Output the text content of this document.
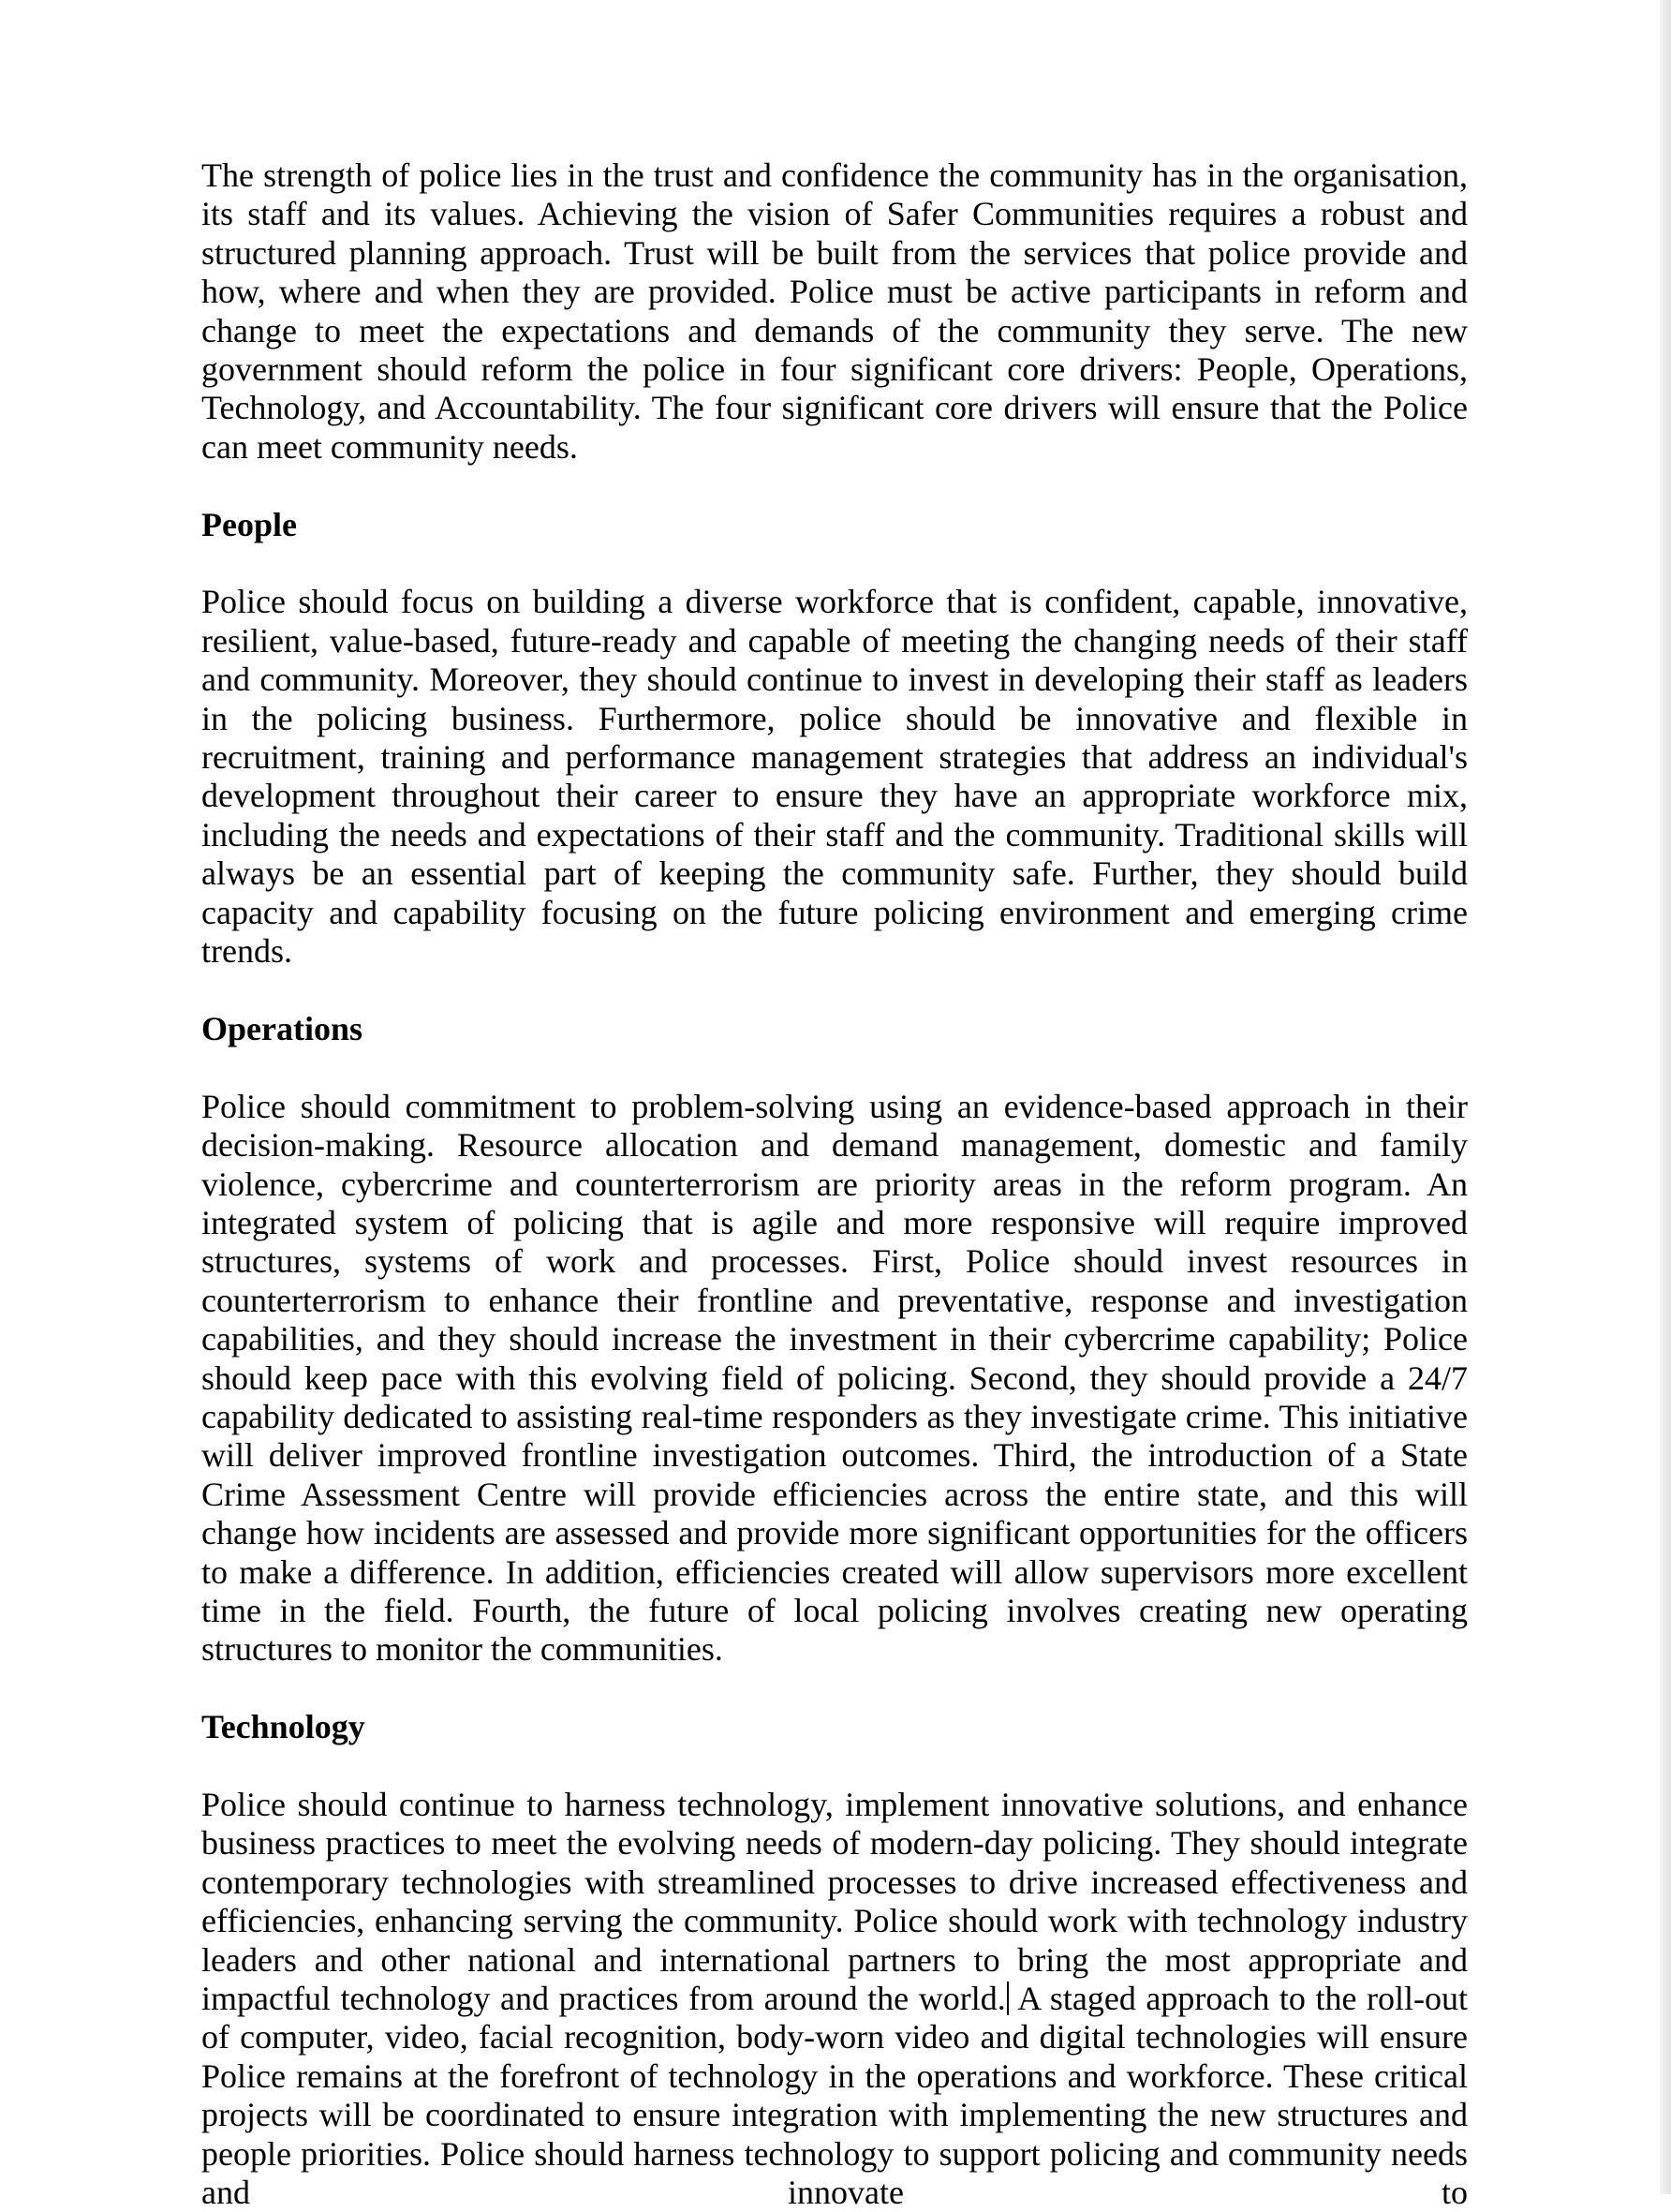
The strength of police lies in the trust and confidence the community has in the organisation, its staff and its values. Achieving the vision of Safer Communities requires a robust and structured planning approach. Trust will be built from the services that police provide and how, where and when they are provided. Police must be active participants in reform and change to meet the expectations and demands of the community they serve. The new government should reform the police in four significant core drivers: People, Operations, Technology, and Accountability. The four significant core drivers will ensure that the Police can meet community needs.

People

Police should focus on building a diverse workforce that is confident, capable, innovative, resilient, value-based, future-ready and capable of meeting the changing needs of their staff and community. Moreover, they should continue to invest in developing their staff as leaders in the policing business. Furthermore, police should be innovative and flexible in recruitment, training and performance management strategies that address an individual's development throughout their career to ensure they have an appropriate workforce mix, including the needs and expectations of their staff and the community. Traditional skills will always be an essential part of keeping the community safe. Further, they should build capacity and capability focusing on the future policing environment and emerging crime trends.

Operations

Police should commitment to problem-solving using an evidence-based approach in their decision-making. Resource allocation and demand management, domestic and family violence, cybercrime and counterterrorism are priority areas in the reform program. An integrated system of policing that is agile and more responsive will require improved structures, systems of work and processes. First, Police should invest resources in counterterrorism to enhance their frontline and preventative, response and investigation capabilities, and they should increase the investment in their cybercrime capability; Police should keep pace with this evolving field of policing. Second, they should provide a 24/7 capability dedicated to assisting real-time responders as they investigate crime. This initiative will deliver improved frontline investigation outcomes. Third, the introduction of a State Crime Assessment Centre will provide efficiencies across the entire state, and this will change how incidents are assessed and provide more significant opportunities for the officers to make a difference. In addition, efficiencies created will allow supervisors more excellent time in the field. Fourth, the future of local policing involves creating new operating structures to monitor the communities.

Technology

Police should continue to harness technology, implement innovative solutions, and enhance business practices to meet the evolving needs of modern-day policing. They should integrate contemporary technologies with streamlined processes to drive increased effectiveness and efficiencies, enhancing serving the community. Police should work with technology industry leaders and other national and international partners to bring the most appropriate and impactful technology and practices from around the world. A staged approach to the roll-out of computer, video, facial recognition, body-worn video and digital technologies will ensure Police remains at the forefront of technology in the operations and workforce. These critical projects will be coordinated to ensure integration with implementing the new structures and people priorities. Police should harness technology to support policing and community needs and innovate to
